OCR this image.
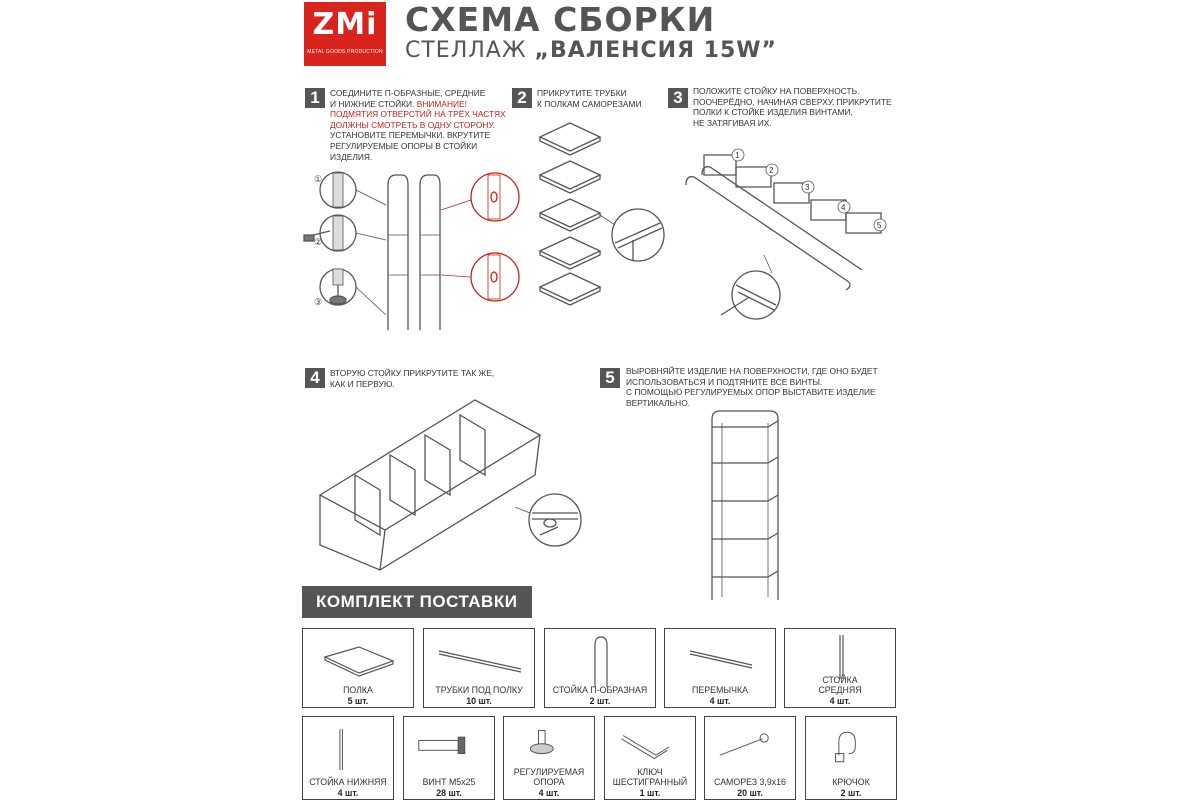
ZMi
METAL GOODS PRODUCTION
СХЕМА СБОРКИ
СТЕЛЛАЖ „ВАЛЕНСИЯ 15W”
1	СОЕДИНИТЕ П-ОБРАЗНЫЕ, СРЕДНИЕ
И НИЖНИЕ СТОЙКИ. ВНИМАНИЕ!
ПОДМЯТИЯ ОТВЕРСТИЙ НА ТРЁХ ЧАСТЯХ
ДОЛЖНЫ СМОТРЕТЬ В ОДНУ СТОРОНУ.
УСТАНОВИТЕ ПЕРЕМЫЧКИ. ВКРУТИТЕ
РЕГУЛИРУЕМЫЕ ОПОРЫ В СТОЙКИ
ИЗДЕЛИЯ.
①
②
③
2	ПРИКРУТИТЕ ТРУБКИ
К ПОЛКАМ САМОРЕЗАМИ	3	ПОЛОЖИТЕ СТОЙКУ НА ПОВЕРХНОСТЬ.
ПООЧЕРЁДНО, НАЧИНАЯ СВЕРХУ, ПРИКРУТИТЕ
ПОЛКИ К СТОЙКЕ ИЗДЕЛИЯ ВИНТАМИ,
НЕ ЗАТЯГИВАЯ ИХ.
1
2
3
4
5
4	ВТОРУЮ СТОЙКУ ПРИКРУТИТЕ ТАК ЖЕ,
КАК И ПЕРВУЮ.	5	ВЫРОВНЯЙТЕ ИЗДЕЛИЕ НА ПОВЕРХНОСТИ, ГДЕ ОНО БУДЕТ
ИСПОЛЬЗОВАТЬСЯ И ПОДТЯНИТЕ ВСЕ ВИНТЫ.
С ПОМОЩЬЮ РЕГУЛИРУЕМЫХ ОПОР ВЫСТАВИТЕ ИЗДЕЛИЕ
ВЕРТИКАЛЬНО.
КОМПЛЕКТ ПОСТАВКИ
ПОЛКА
5 шт.
ТРУБКИ ПОД ПОЛКУ
10 шт.
СТОЙКА П-ОБРАЗНАЯ
2 шт.
ПЕРЕМЫЧКА
4 шт.
СТОЙКА
СРЕДНЯЯ
4 шт.
СТОЙКА НИЖНЯЯ
4 шт.
ВИНТ М5х25
28 шт.
РЕГУЛИРУЕМАЯ
ОПОРА
4 шт.
КЛЮЧ
ШЕСТИГРАННЫЙ
1 шт.
САМОРЕЗ 3,9х16
20 шт.
КРЮЧОК
2 шт.
